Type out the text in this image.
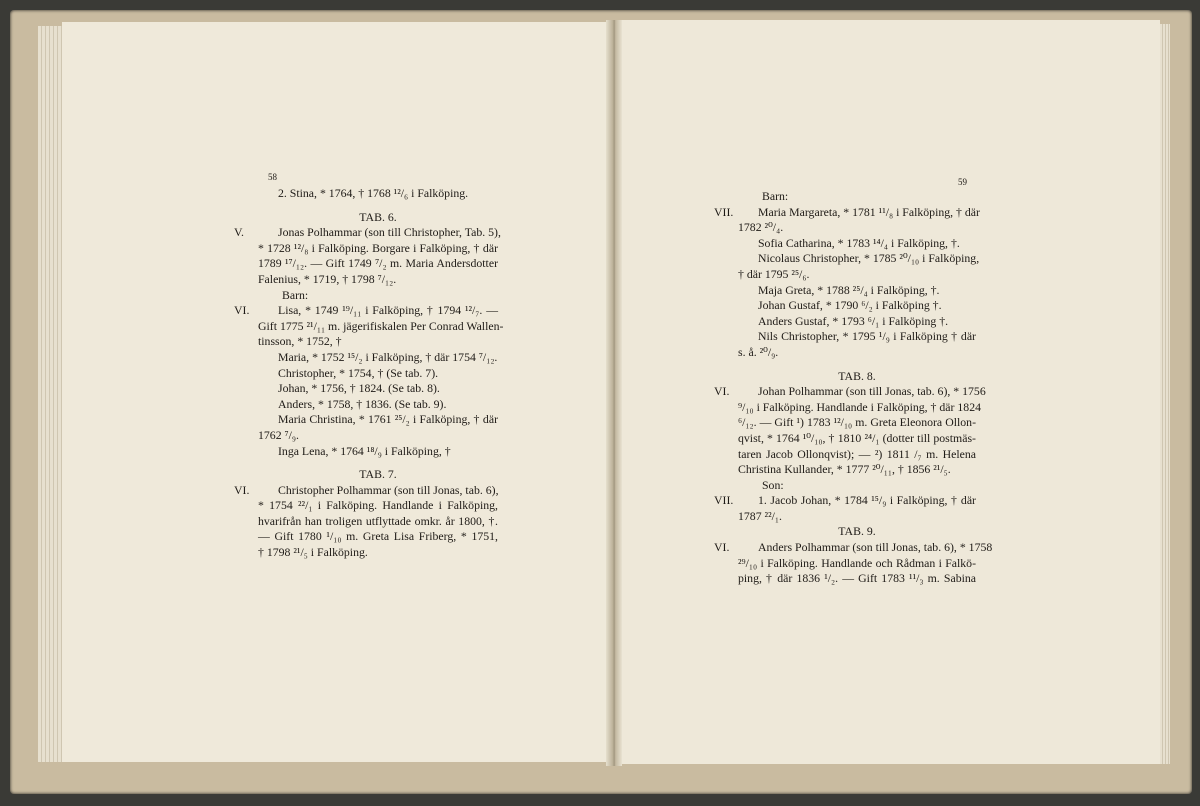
58	59
2. Stina, * 1764, † 1768 ¹²/₆ i Falköping.
TAB. 6.
V.	Jonas Polhammar (son till Christopher, Tab. 5),
* 1728 ¹²/₈ i Falköping. Borgare i Falköping, † där
1789 ¹⁷/₁₂. — Gift 1749 ⁷/₂ m. Maria Andersdotter
Falenius, * 1719, † 1798 ⁷/₁₂.
Barn:
VI.	Lisa, * 1749 ¹⁹/₁₁ i Falköping, † 1794 ¹²/₇. —
Gift 1775 ²¹/₁₁ m. jägerifiskalen Per Conrad Wallen-
tinsson, * 1752, †
Maria, * 1752 ¹⁵/₂ i Falköping, † där 1754 ⁷/₁₂.
Christopher, * 1754, † (Se tab. 7).
Johan, * 1756, † 1824. (Se tab. 8).
Anders, * 1758, † 1836. (Se tab. 9).
Maria Christina, * 1761 ²⁵/₂ i Falköping, † där
1762 ⁷/₉.
Inga Lena, * 1764 ¹⁸/₉ i Falköping, †
TAB. 7.
VI.	Christopher Polhammar (son till Jonas, tab. 6),
* 1754 ²²/₁ i Falköping. Handlande i Falköping,
hvarifrån han troligen utflyttade omkr. år 1800, †.
— Gift 1780 ¹/₁₀ m. Greta Lisa Friberg, * 1751,
† 1798 ²¹/₅ i Falköping.
Barn:
VII. Maria Margareta, * 1781 ¹¹/₈ i Falköping, † där
1782 ²⁰/₄.
Sofia Catharina, * 1783 ¹⁴/₄ i Falköping, †.
Nicolaus Christopher, * 1785 ²⁰/₁₀ i Falköping,
† där 1795 ²⁵/₆.
Maja Greta, * 1788 ²⁵/₄ i Falköping, †.
Johan Gustaf, * 1790 ⁶/₂ i Falköping †.
Anders Gustaf, * 1793 ⁶/₁ i Falköping †.
Nils Christopher, * 1795 ¹/₉ i Falköping † där
s. å. ²⁰/₉.
TAB. 8.
VI.	Johan Polhammar (son till Jonas, tab. 6), * 1756
⁹/₁₀ i Falköping. Handlande i Falköping, † där 1824
⁶/₁₂. — Gift ¹) 1783 ¹²/₁₀ m. Greta Eleonora Ollon-
qvist, * 1764 ¹⁰/₁₀, † 1810 ²⁴/₁ (dotter till postmäs-
taren Jacob Ollonqvist); — ²) 1811 /₇ m. Helena
Christina Kullander, * 1777 ²⁰/₁₁, † 1856 ²¹/₅.
Son:
VII. 1. Jacob Johan, * 1784 ¹⁵/₉ i Falköping, † där
1787 ²²/₁.
TAB. 9.
VI.	Anders Polhammar (son till Jonas, tab. 6), * 1758
²⁹/₁₀ i Falköping. Handlande och Rådman i Falkö-
ping, † där 1836 ¹/₂. — Gift 1783 ¹¹/₃ m. Sabina
